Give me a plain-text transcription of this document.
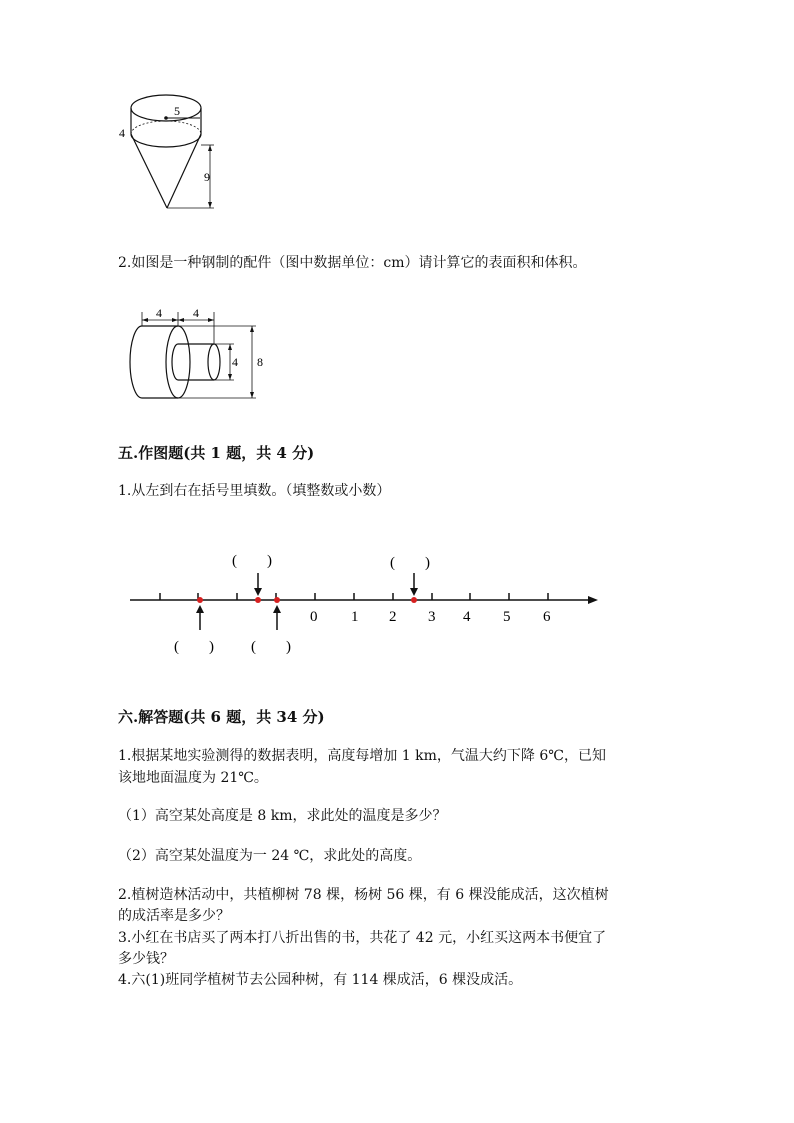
5
4
9
2.如图是一种钢制的配件（图中数据单位：cm）请计算它的表面积和体积。
4	4
4 8
五.作图题(共 1 题，共 4 分)
1.从左到右在括号里填数。（填整数或小数）
0 1 2 3 4 5 6
(        )	(        )
(        ) (        )
六.解答题(共 6 题，共 34 分)
1.根据某地实验测得的数据表明，高度每增加 1 km，气温大约下降 6℃，已知
该地地面温度为 21℃。
（1）高空某处高度是 8 km，求此处的温度是多少？
（2）高空某处温度为一 24 ℃，求此处的高度。
2.植树造林活动中，共植柳树 78 棵，杨树 56 棵，有 6 棵没能成活，这次植树
的成活率是多少？
3.小红在书店买了两本打八折出售的书，共花了 42 元，小红买这两本书便宜了
多少钱？
4.六(1)班同学植树节去公园种树，有 114 棵成活，6 棵没成活。
